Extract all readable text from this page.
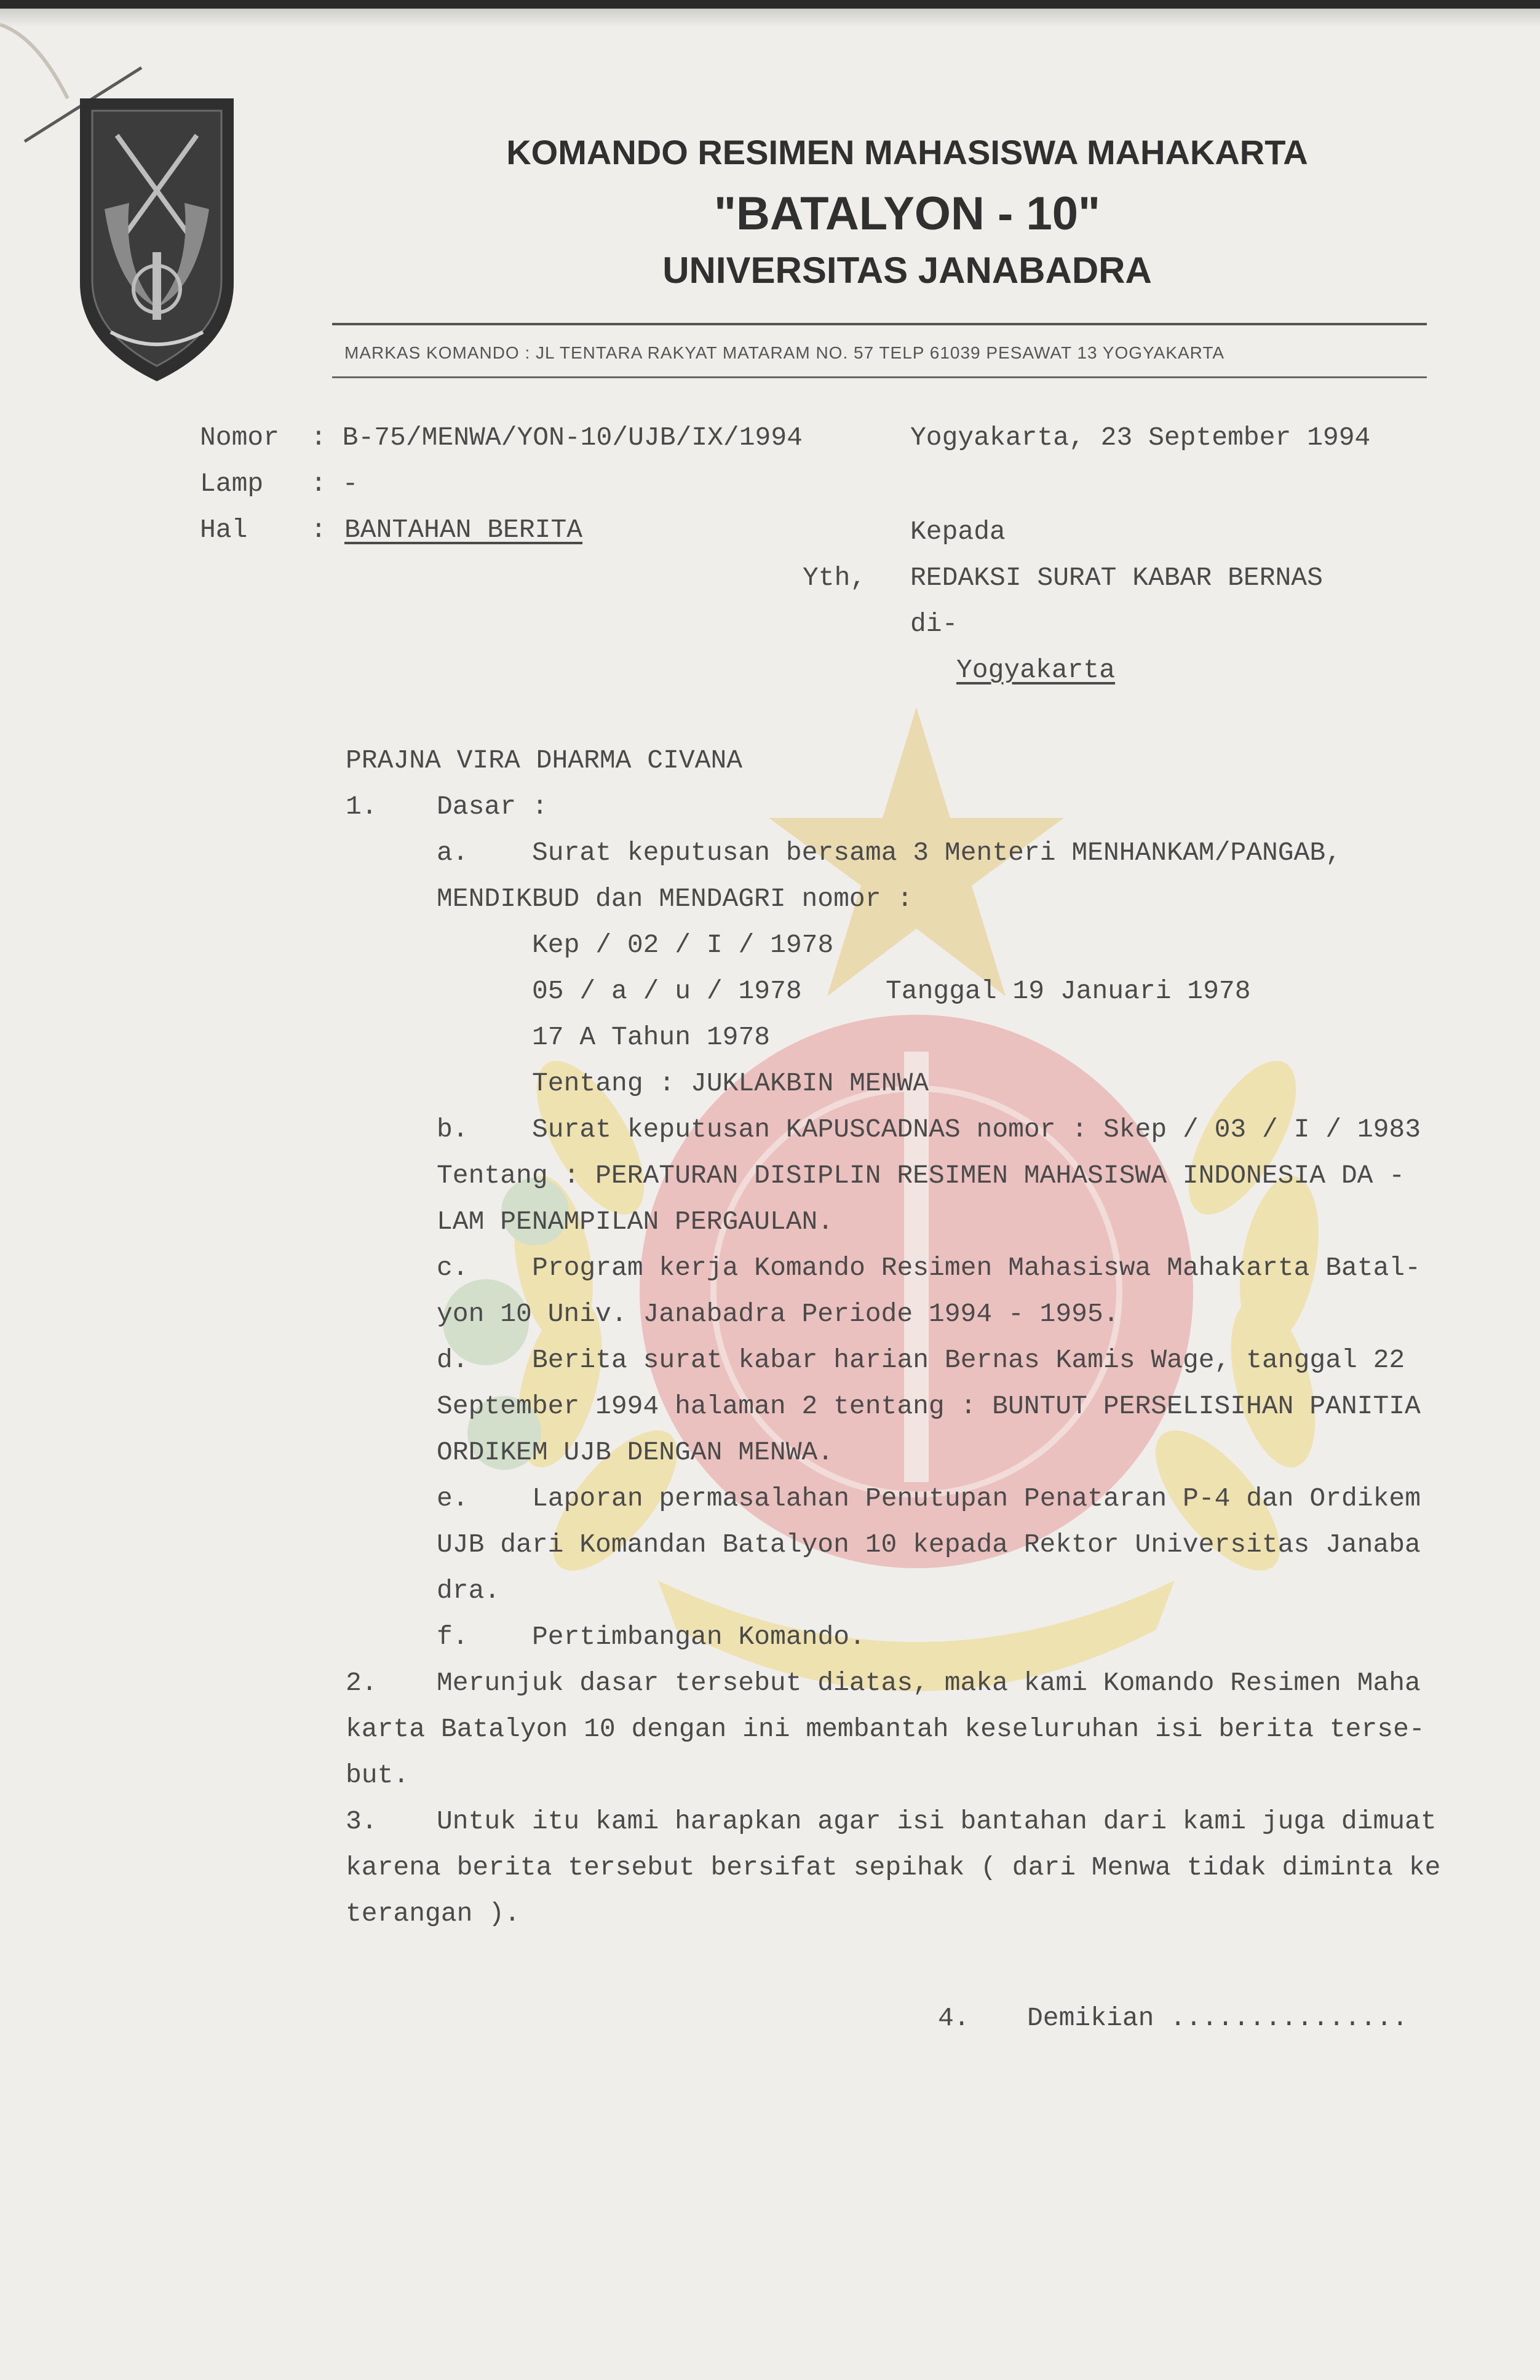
KOMANDO RESIMEN MAHASISWA MAHAKARTA
"BATALYON - 10"
UNIVERSITAS JANABADRA
MARKAS KOMANDO : JL TENTARA RAKYAT MATARAM NO. 57 TELP 61039 PESAWAT 13 YOGYAKARTA
Nomor : B-75/MENWA/YON-10/UJB/IX/1994	Yogyakarta, 23 September 1994
Lamp : -
Hal : BANTAHAN BERITA	Kepada
Yth, REDAKSI SURAT KABAR BERNAS
di-
Yogyakarta
PRAJNA VIRA DHARMA CIVANA
1. Dasar :
a. Surat keputusan bersama 3 Menteri MENHANKAM/PANGAB,
MENDIKBUD dan MENDAGRI nomor :
Kep / 02 / I / 1978
05 / a / u / 1978	Tanggal 19 Januari 1978
17 A Tahun 1978
Tentang : JUKLAKBIN MENWA
b. Surat keputusan KAPUSCADNAS nomor : Skep / 03 / I / 1983
Tentang : PERATURAN DISIPLIN RESIMEN MAHASISWA INDONESIA DA -
LAM PENAMPILAN PERGAULAN.
c. Program kerja Komando Resimen Mahasiswa Mahakarta Batal-
yon 10 Univ. Janabadra Periode 1994 - 1995.
d. Berita surat kabar harian Bernas Kamis Wage, tanggal 22
September 1994 halaman 2 tentang : BUNTUT PERSELISIHAN PANITIA
ORDIKEM UJB DENGAN MENWA.
e. Laporan permasalahan Penutupan Penataran P-4 dan Ordikem
UJB dari Komandan Batalyon 10 kepada Rektor Universitas Janaba
dra.
f. Pertimbangan Komando.
2. Merunjuk dasar tersebut diatas, maka kami Komando Resimen Maha
karta Batalyon 10 dengan ini membantah keseluruhan isi berita terse-
but.
3. Untuk itu kami harapkan agar isi bantahan dari kami juga dimuat
karena berita tersebut bersifat sepihak ( dari Menwa tidak diminta ke
terangan ).
4. Demikian ...............
